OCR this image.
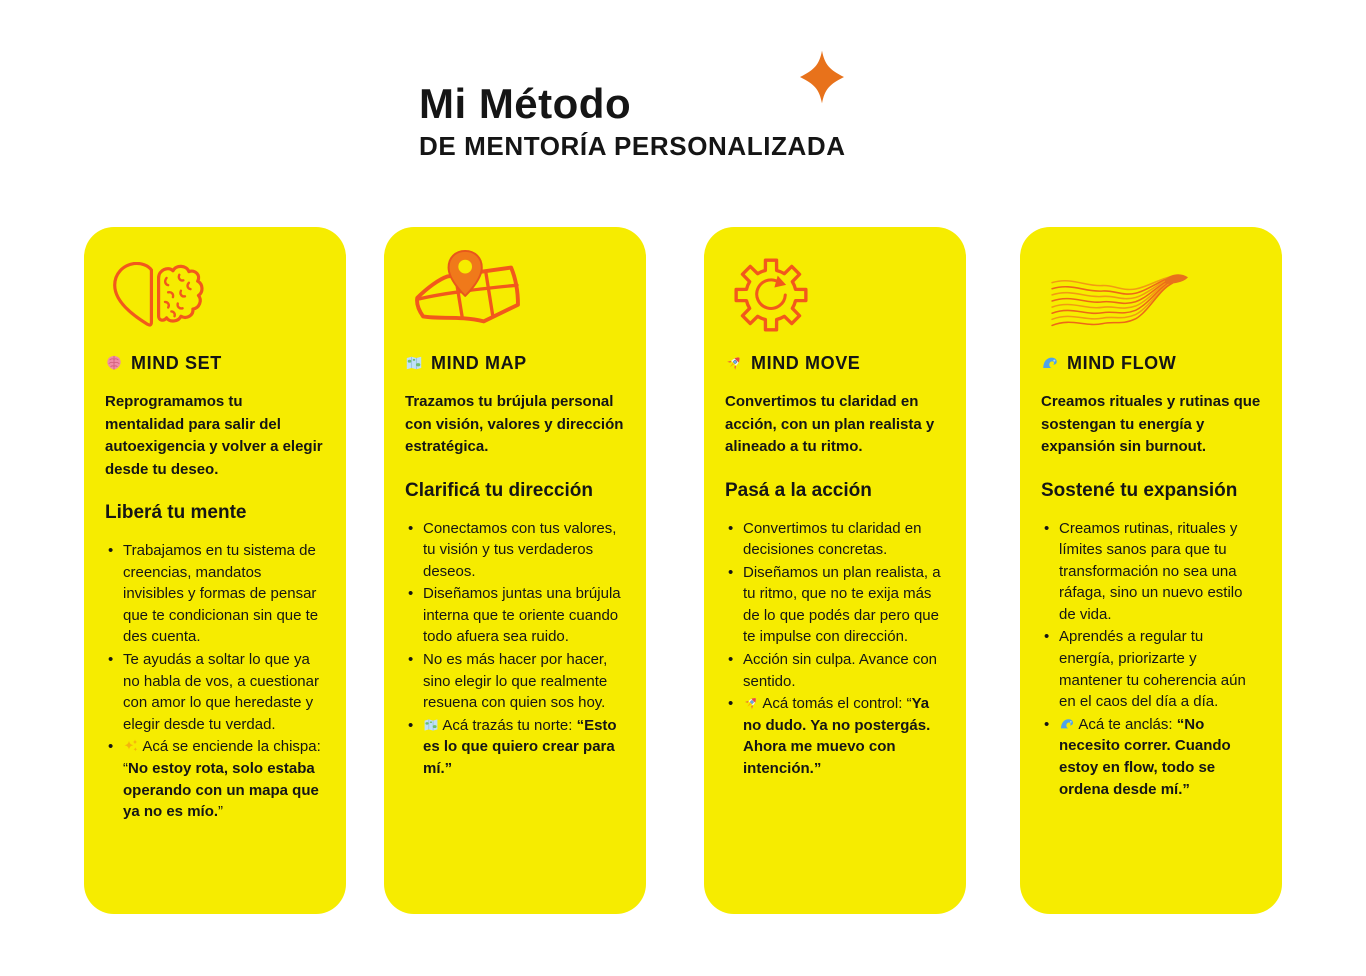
Mi Método
DE MENTORÍA PERSONALIZADA
MIND SET
Reprogramamos tu mentalidad para salir del autoexigencia y volver a elegir desde tu deseo.
Liberá tu mente
• Trabajamos en tu sistema de creencias, mandatos invisibles y formas de pensar que te condicionan sin que te des cuenta.
• Te ayudás a soltar lo que ya no habla de vos, a cuestionar con amor lo que heredaste y elegir desde tu verdad.
• Acá se enciende la chispa: “No estoy rota, solo estaba operando con un mapa que ya no es mío.”
MIND MAP
Trazamos tu brújula personal con visión, valores y dirección estratégica.
Clarificá tu dirección
• Conectamos con tus valores, tu visión y tus verdaderos deseos.
• Diseñamos juntas una brújula interna que te oriente cuando todo afuera sea ruido.
• No es más hacer por hacer, sino elegir lo que realmente resuena con quien sos hoy.
• Acá trazás tu norte: “Esto es lo que quiero crear para mí.”
MIND MOVE
Convertimos tu claridad en acción, con un plan realista y alineado a tu ritmo.
Pasá a la acción
• Convertimos tu claridad en decisiones concretas.
• Diseñamos un plan realista, a tu ritmo, que no te exija más de lo que podés dar pero que te impulse con dirección.
• Acción sin culpa. Avance con sentido.
• Acá tomás el control: “Ya no dudo. Ya no postergás. Ahora me muevo con intención.”
MIND FLOW
Creamos rituales y rutinas que sostengan tu energía y expansión sin burnout.
Sostené tu expansión
• Creamos rutinas, rituales y límites sanos para que tu transformación no sea una ráfaga, sino un nuevo estilo de vida.
• Aprendés a regular tu energía, priorizarte y mantener tu coherencia aún en el caos del día a día.
• Acá te anclás: “No necesito correr. Cuando estoy en flow, todo se ordena desde mí.”
